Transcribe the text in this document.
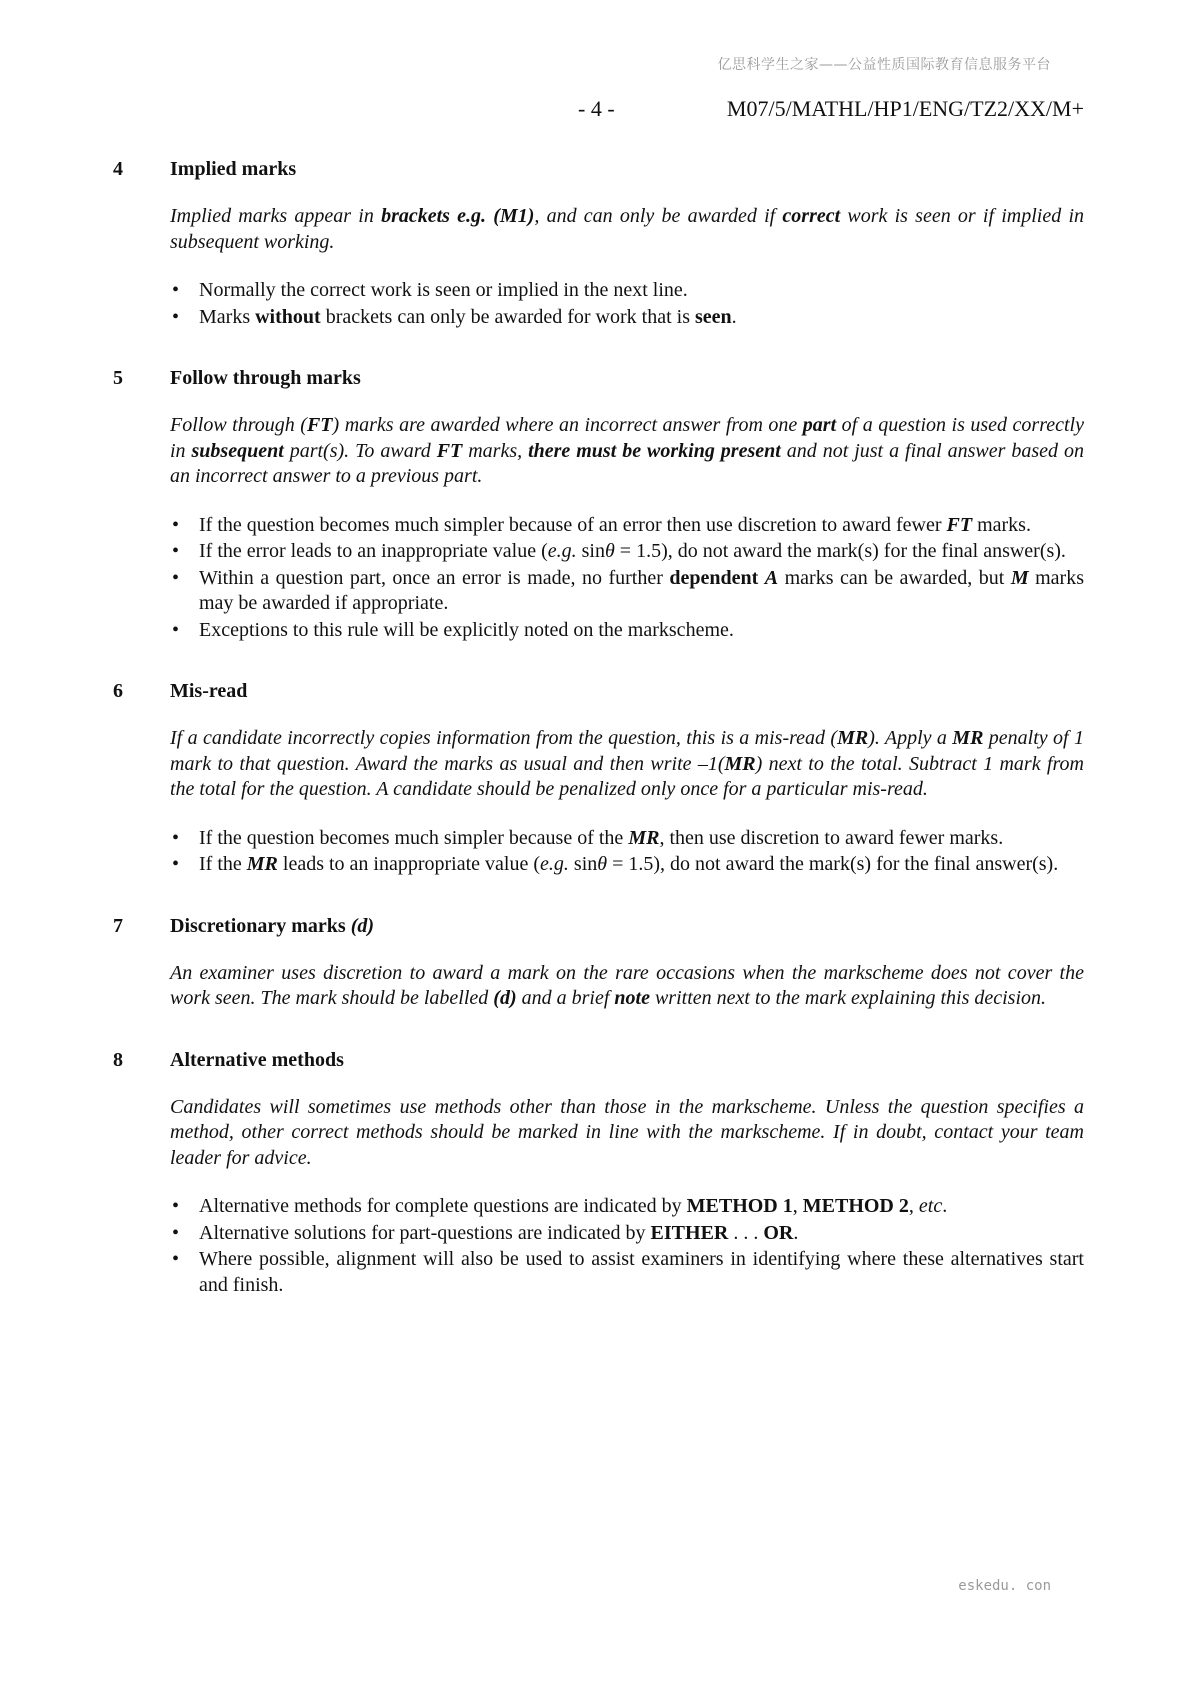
亿思科学生之家——公益性质国际教育信息服务平台
- 4 -	M07/5/MATHL/HP1/ENG/TZ2/XX/M+
4	Implied marks

Implied marks appear in brackets e.g. (M1), and can only be awarded if correct work is seen or if implied in subsequent working.

• Normally the correct work is seen or implied in the next line.
• Marks without brackets can only be awarded for work that is seen.
5	Follow through marks

Follow through (FT) marks are awarded where an incorrect answer from one part of a question is used correctly in subsequent part(s). To award FT marks, there must be working present and not just a final answer based on an incorrect answer to a previous part.

• If the question becomes much simpler because of an error then use discretion to award fewer FT marks.
• If the error leads to an inappropriate value (e.g. sinθ = 1.5), do not award the mark(s) for the final answer(s).
• Within a question part, once an error is made, no further dependent A marks can be awarded, but M marks may be awarded if appropriate.
• Exceptions to this rule will be explicitly noted on the markscheme.
6	Mis-read

If a candidate incorrectly copies information from the question, this is a mis-read (MR). Apply a MR penalty of 1 mark to that question. Award the marks as usual and then write –1(MR) next to the total. Subtract 1 mark from the total for the question. A candidate should be penalized only once for a particular mis-read.

• If the question becomes much simpler because of the MR, then use discretion to award fewer marks.
• If the MR leads to an inappropriate value (e.g. sinθ = 1.5), do not award the mark(s) for the final answer(s).
7	Discretionary marks (d)

An examiner uses discretion to award a mark on the rare occasions when the markscheme does not cover the work seen. The mark should be labelled (d) and a brief note written next to the mark explaining this decision.

8	Alternative methods

Candidates will sometimes use methods other than those in the markscheme. Unless the question specifies a method, other correct methods should be marked in line with the markscheme. If in doubt, contact your team leader for advice.

• Alternative methods for complete questions are indicated by METHOD 1, METHOD 2, etc.
• Alternative solutions for part-questions are indicated by EITHER . . . OR.
• Where possible, alignment will also be used to assist examiners in identifying where these alternatives start and finish.
eskedu. con
